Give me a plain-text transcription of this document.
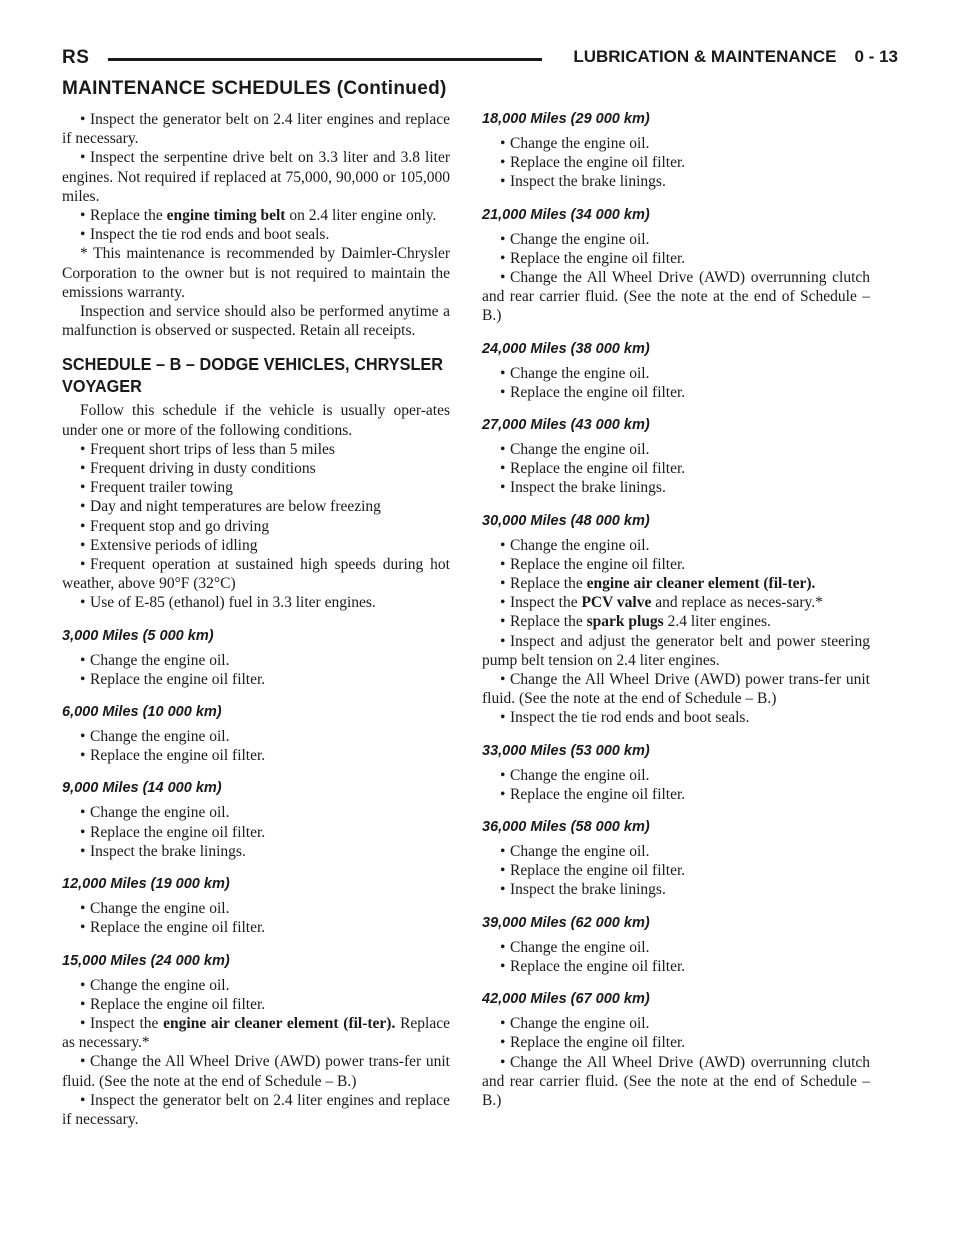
RS	LUBRICATION & MAINTENANCE 0 - 13
MAINTENANCE SCHEDULES (Continued)

• Inspect the generator belt on 2.4 liter engines and replace if necessary.

• Inspect the serpentine drive belt on 3.3 liter and 3.8 liter engines. Not required if replaced at 75,000, 90,000 or 105,000 miles.

• Replace the engine timing belt on 2.4 liter engine only.

• Inspect the tie rod ends and boot seals.

* This maintenance is recommended by Daimler-Chrysler Corporation to the owner but is not required to maintain the emissions warranty.

Inspection and service should also be performed anytime a malfunction is observed or suspected. Retain all receipts.

SCHEDULE – B – DODGE VEHICLES, CHRYSLER VOYAGER

Follow this schedule if the vehicle is usually oper-ates under one or more of the following conditions.

• Frequent short trips of less than 5 miles

• Frequent driving in dusty conditions

• Frequent trailer towing

• Day and night temperatures are below freezing

• Frequent stop and go driving

• Extensive periods of idling

• Frequent operation at sustained high speeds during hot weather, above 90°F (32°C)

• Use of E-85 (ethanol) fuel in 3.3 liter engines.

3,000 Miles (5 000 km)

• Change the engine oil.

• Replace the engine oil filter.

6,000 Miles (10 000 km)

• Change the engine oil.

• Replace the engine oil filter.

9,000 Miles (14 000 km)

• Change the engine oil.

• Replace the engine oil filter.

• Inspect the brake linings.

12,000 Miles (19 000 km)

• Change the engine oil.

• Replace the engine oil filter.

15,000 Miles (24 000 km)

• Change the engine oil.

• Replace the engine oil filter.

• Inspect the engine air cleaner element (fil-ter). Replace as necessary.*

• Change the All Wheel Drive (AWD) power trans-fer unit fluid. (See the note at the end of Schedule – B.)

• Inspect the generator belt on 2.4 liter engines and replace if necessary.

18,000 Miles (29 000 km)

• Change the engine oil.

• Replace the engine oil filter.

• Inspect the brake linings.

21,000 Miles (34 000 km)

• Change the engine oil.

• Replace the engine oil filter.

• Change the All Wheel Drive (AWD) overrunning clutch and rear carrier fluid. (See the note at the end of Schedule – B.)

24,000 Miles (38 000 km)

• Change the engine oil.

• Replace the engine oil filter.

27,000 Miles (43 000 km)

• Change the engine oil.

• Replace the engine oil filter.

• Inspect the brake linings.

30,000 Miles (48 000 km)

• Change the engine oil.

• Replace the engine oil filter.

• Replace the engine air cleaner element (fil-ter).

• Inspect the PCV valve and replace as neces-sary.*

• Replace the spark plugs 2.4 liter engines.

• Inspect and adjust the generator belt and power steering pump belt tension on 2.4 liter engines.

• Change the All Wheel Drive (AWD) power trans-fer unit fluid. (See the note at the end of Schedule – B.)

• Inspect the tie rod ends and boot seals.

33,000 Miles (53 000 km)

• Change the engine oil.

• Replace the engine oil filter.

36,000 Miles (58 000 km)

• Change the engine oil.

• Replace the engine oil filter.

• Inspect the brake linings.

39,000 Miles (62 000 km)

• Change the engine oil.

• Replace the engine oil filter.

42,000 Miles (67 000 km)

• Change the engine oil.

• Replace the engine oil filter.

• Change the All Wheel Drive (AWD) overrunning clutch and rear carrier fluid. (See the note at the end of Schedule – B.)
